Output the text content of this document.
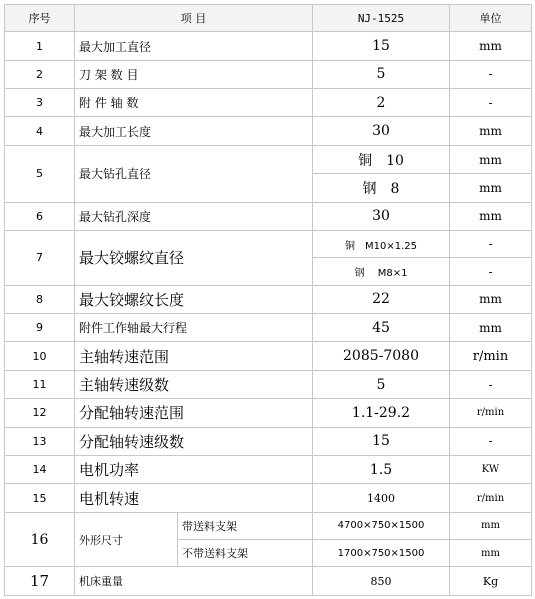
序号	项 目		NJ-1525	单位
1	最大加工直径		15	mm
2	刀 架 数 目		5	-
3	附 件 轴 数		2	-
4	最大加工长度		30	mm
5	最大钻孔直径		铜　10	mm
			钢　8	mm
6	最大钻孔深度		30	mm
7	最大铰螺纹直径		铜　M10×1.25	-
			钢　 M8×1	-
8	最大铰螺纹长度		22	mm
9	附件工作轴最大行程		45	mm
10	主轴转速范围		2085-7080	r/min
11	主轴转速级数		5	-
12	分配轴转速范围		1.1-29.2	r/min
13	分配轴转速级数		15	-
14	电机功率		1.5	KW
15	电机转速		1400	r/min
16	外形尺寸	带送料支架	4700×750×1500	mm
		不带送料支架	1700×750×1500	mm
17	机床重量		850	Kg
